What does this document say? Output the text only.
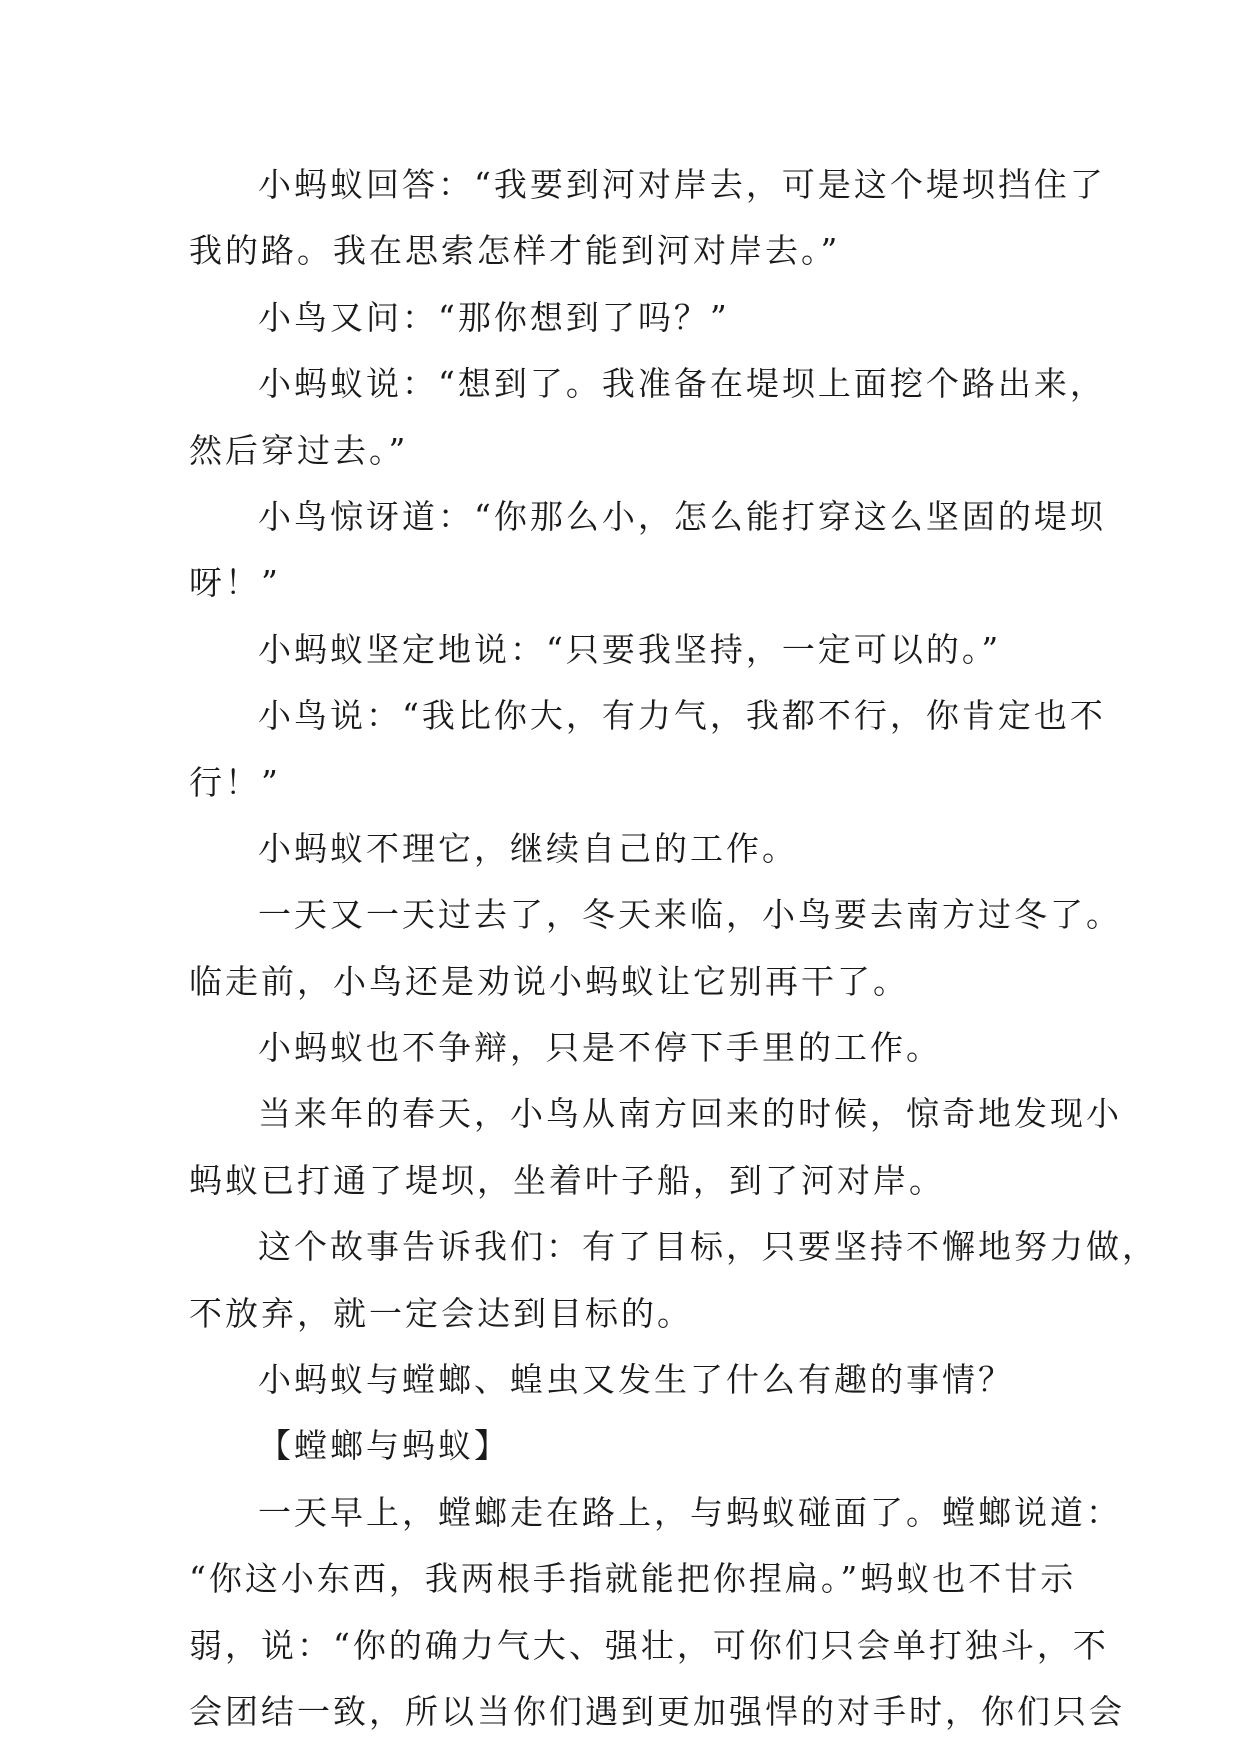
小蚂蚁回答：“我要到河对岸去，可是这个堤坝挡住了
我的路。我在思索怎样才能到河对岸去。”
小鸟又问：“那你想到了吗？”
小蚂蚁说：“想到了。我准备在堤坝上面挖个路出来，
然后穿过去。”
小鸟惊讶道：“你那么小，怎么能打穿这么坚固的堤坝
呀！”
小蚂蚁坚定地说：“只要我坚持，一定可以的。”
小鸟说：“我比你大，有力气，我都不行，你肯定也不
行！”
小蚂蚁不理它，继续自己的工作。
一天又一天过去了，冬天来临，小鸟要去南方过冬了。
临走前，小鸟还是劝说小蚂蚁让它别再干了。
小蚂蚁也不争辩，只是不停下手里的工作。
当来年的春天，小鸟从南方回来的时候，惊奇地发现小
蚂蚁已打通了堤坝，坐着叶子船，到了河对岸。
这个故事告诉我们：有了目标，只要坚持不懈地努力做，
不放弃，就一定会达到目标的。
小蚂蚁与螳螂、蝗虫又发生了什么有趣的事情？
【螳螂与蚂蚁】
一天早上，螳螂走在路上，与蚂蚁碰面了。螳螂说道：
“你这小东西，我两根手指就能把你捏扁。”蚂蚁也不甘示
弱，说：“你的确力气大、强壮，可你们只会单打独斗，不
会团结一致，所以当你们遇到更加强悍的对手时，你们只会
